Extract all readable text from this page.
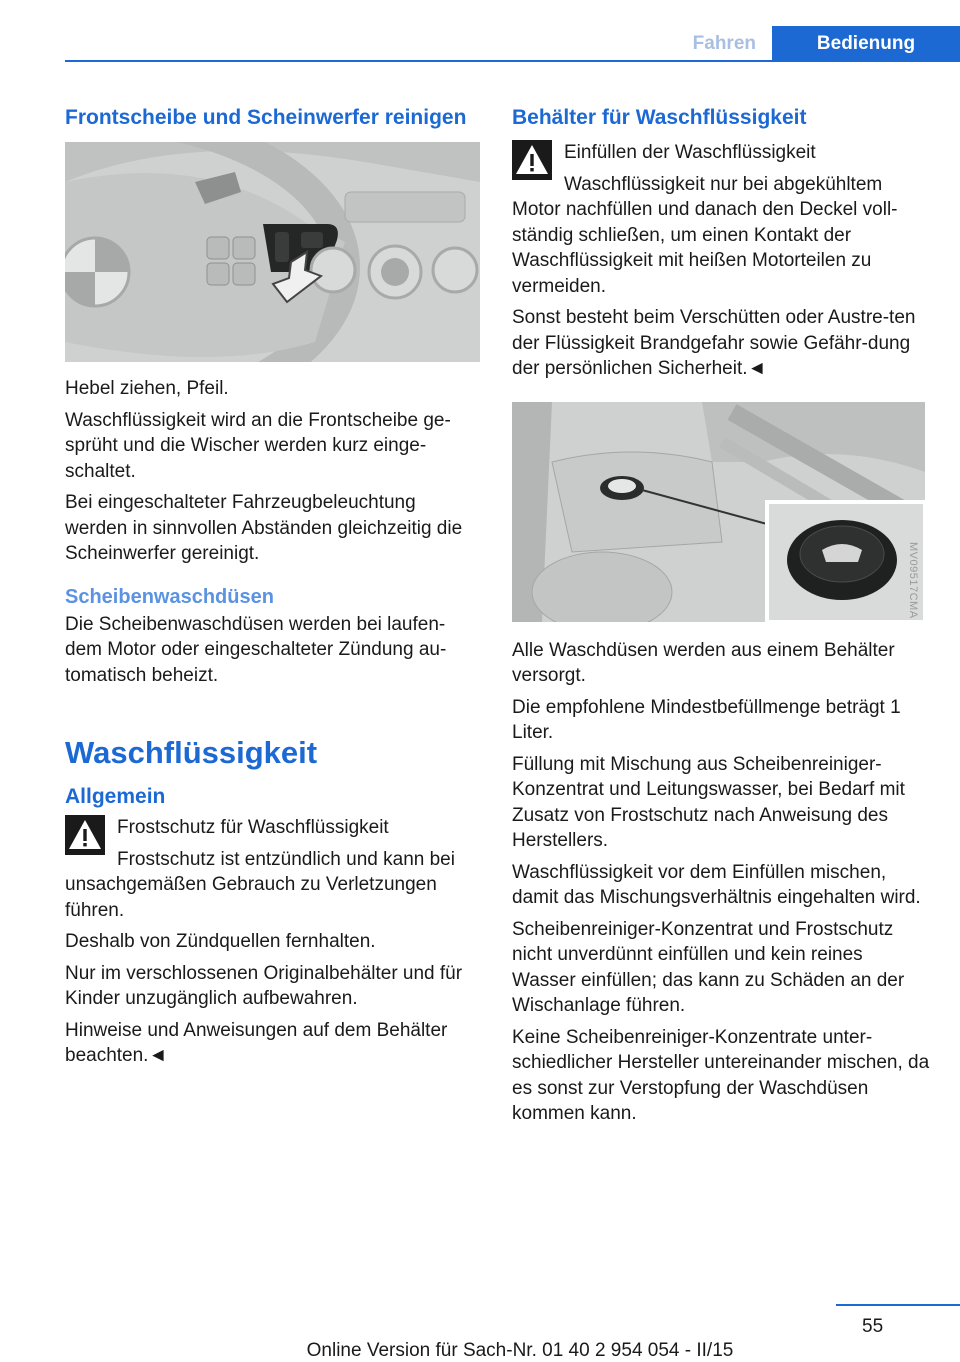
Fahren	Bedienung
Frontscheibe und Scheinwerfer reinigen

Hebel ziehen, Pfeil.

Waschflüssigkeit wird an die Frontscheibe ge-sprüht und die Wischer werden kurz einge-schaltet.

Bei eingeschalteter Fahrzeugbeleuchtung werden in sinnvollen Abständen gleichzeitig die Scheinwerfer gereinigt.

Scheibenwaschdüsen

Die Scheibenwaschdüsen werden bei laufen-dem Motor oder eingeschalteter Zündung au-tomatisch beheizt.

Waschflüssigkeit
Allgemein

Frostschutz für Waschflüssigkeit

Frostschutz ist entzündlich und kann bei unsachgemäßen Gebrauch zu Verletzungen führen.

Deshalb von Zündquellen fernhalten.

Nur im verschlossenen Originalbehälter und für Kinder unzugänglich aufbewahren.

Hinweise und Anweisungen auf dem Behälter beachten.◄

Behälter für Waschflüssigkeit

Einfüllen der Waschflüssigkeit

Waschflüssigkeit nur bei abgekühltem Motor nachfüllen und danach den Deckel voll-ständig schließen, um einen Kontakt der Waschflüssigkeit mit heißen Motorteilen zu vermeiden.

Sonst besteht beim Verschütten oder Austre-ten der Flüssigkeit Brandgefahr sowie Gefähr-dung der persönlichen Sicherheit.◄

MV09517CMA

Alle Waschdüsen werden aus einem Behälter versorgt.

Die empfohlene Mindestbefüllmenge beträgt 1 Liter.

Füllung mit Mischung aus Scheibenreiniger-Konzentrat und Leitungswasser, bei Bedarf mit Zusatz von Frostschutz nach Anweisung des Herstellers.

Waschflüssigkeit vor dem Einfüllen mischen, damit das Mischungsverhältnis eingehalten wird.

Scheibenreiniger-Konzentrat und Frostschutz nicht unverdünnt einfüllen und kein reines Wasser einfüllen; das kann zu Schäden an der Wischanlage führen.

Keine Scheibenreiniger-Konzentrate unter-schiedlicher Hersteller untereinander mischen, da es sonst zur Verstopfung der Waschdüsen kommen kann.

55
Online Version für Sach-Nr. 01 40 2 954 054 - II/15
